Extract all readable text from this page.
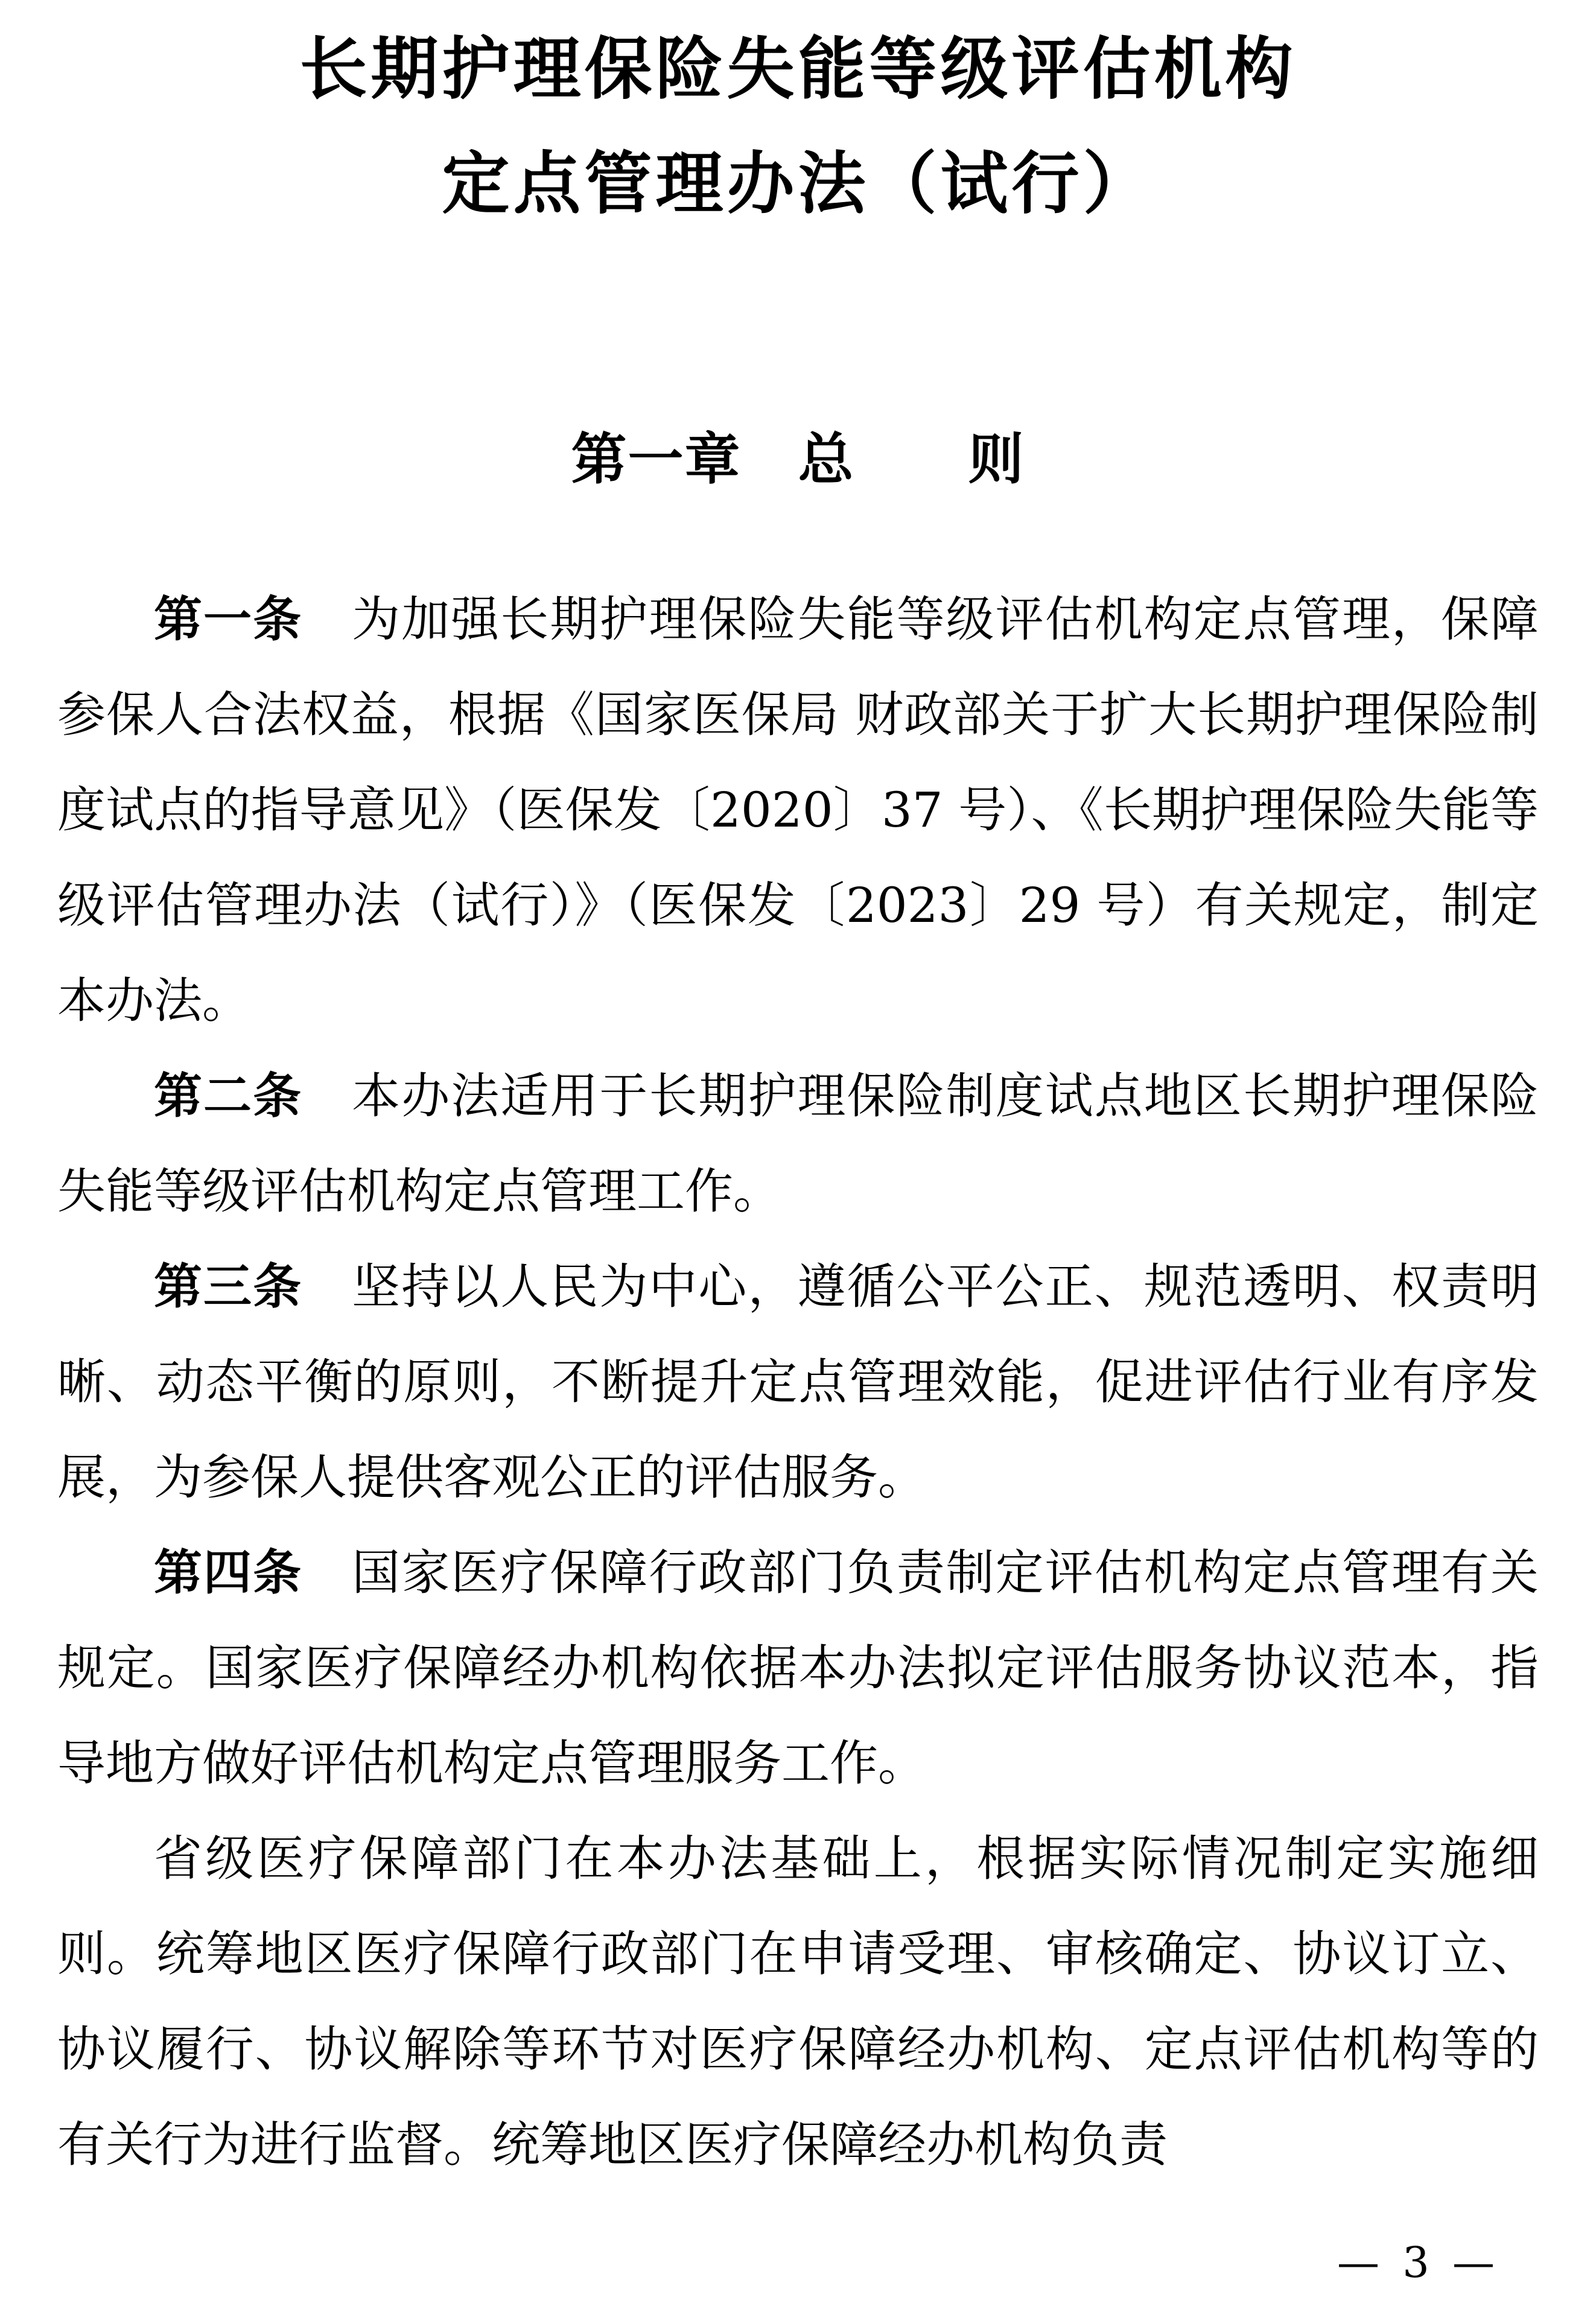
长期护理保险失能等级评估机构
定点管理办法（试行）
第一章　总　　则

第一条　为加强长期护理保险失能等级评估机构定点管理，保障参保人合法权益，根据《国家医保局 财政部关于扩大长期护理保险制度试点的指导意见》（医保发〔2020〕37 号）、《长期护理保险失能等级评估管理办法（试行）》（医保发〔2023〕29 号）有关规定，制定本办法。

第二条　本办法适用于长期护理保险制度试点地区长期护理保险失能等级评估机构定点管理工作。

第三条　坚持以人民为中心，遵循公平公正、规范透明、权责明晰、动态平衡的原则，不断提升定点管理效能，促进评估行业有序发展，为参保人提供客观公正的评估服务。

第四条　国家医疗保障行政部门负责制定评估机构定点管理有关规定。国家医疗保障经办机构依据本办法拟定评估服务协议范本，指导地方做好评估机构定点管理服务工作。

省级医疗保障部门在本办法基础上，根据实际情况制定实施细则。统筹地区医疗保障行政部门在申请受理、审核确定、协议订立、协议履行、协议解除等环节对医疗保障经办机构、定点评估机构等的有关行为进行监督。统筹地区医疗保障经办机构负责

— 3 —
